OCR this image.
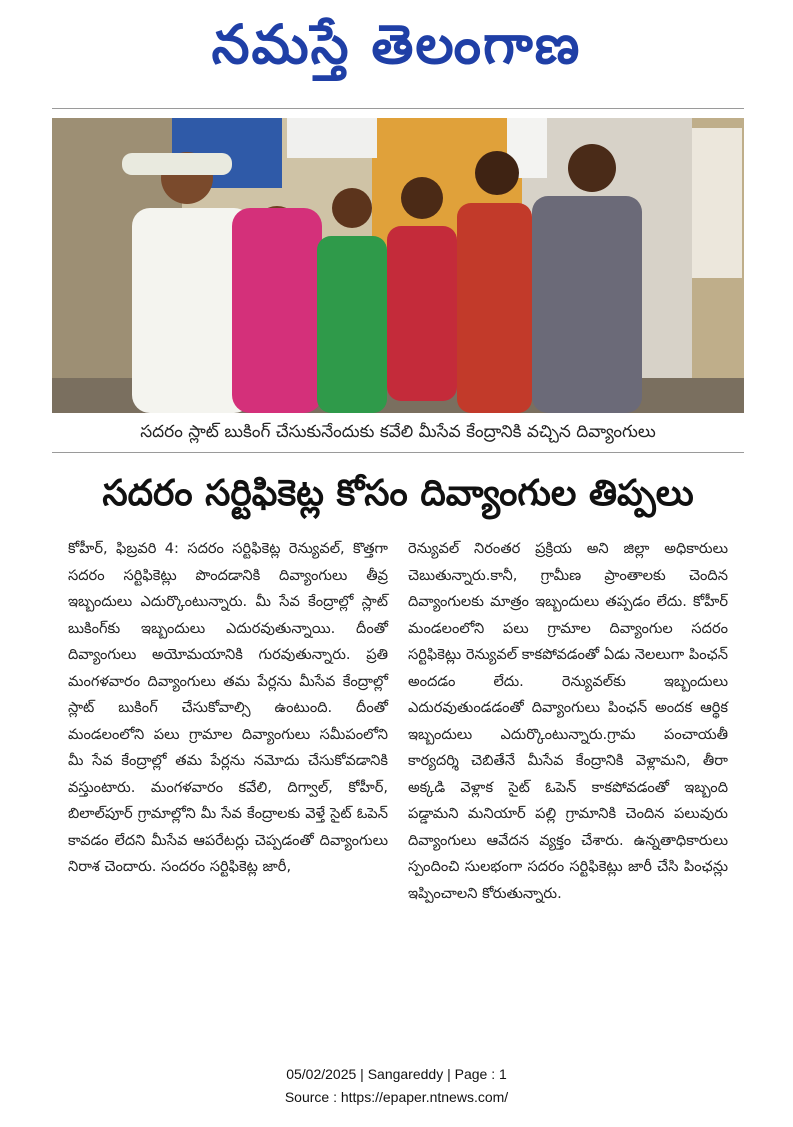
నమస్తే తెలంగాణ
సదరం స్లాట్ బుకింగ్ చేసుకునేందుకు కవేలి మీసేవ కేంద్రానికి వచ్చిన దివ్యాంగులు
సదరం సర్టిఫికెట్ల కోసం దివ్యాంగుల తిప్పలు
కోహీర్, ఫిబ్రవరి 4: సదరం సర్టిఫికెట్ల రెన్యువల్, కొత్తగా సదరం సర్టిఫికెట్లు పొందడానికి దివ్యాంగులు తీవ్ర ఇబ్బందులు ఎదుర్కొంటున్నారు. మీ సేవ కేంద్రాల్లో స్లాట్ బుకింగ్‌కు ఇబ్బందులు ఎదురవుతున్నాయి. దీంతో దివ్యాంగులు అయోమయానికి గురవుతున్నారు. ప్రతి మంగళవారం దివ్యాంగులు తమ పేర్లను మీసేవ కేంద్రాల్లో స్లాట్ బుకింగ్ చేసుకోవాల్సి ఉంటుంది. దీంతో మండలంలోని పలు గ్రామాల దివ్యాంగులు సమీపంలోని మీ సేవ కేంద్రాల్లో తమ పేర్లను నమోదు చేసుకోవడానికి వస్తుంటారు. మంగళవారం కవేలి, దిగ్వాల్, కోహీర్, బిలాల్‌పూర్ గ్రామాల్లోని మీ సేవ కేంద్రాలకు వెళ్తే సైట్ ఓపెన్ కావడం లేదని మీసేవ ఆపరేటర్లు చెప్పడంతో దివ్యాంగులు నిరాశ చెందారు. సందరం సర్టిఫికెట్ల జారీ,
రెన్యువల్ నిరంతర ప్రక్రియ అని జిల్లా అధికారులు చెబుతున్నారు.కానీ, గ్రామీణ ప్రాంతాలకు చెందిన దివ్యాంగులకు మాత్రం ఇబ్బందులు తప్పడం లేదు. కోహీర్ మండలంలోని పలు గ్రామాల దివ్యాంగుల సదరం సర్టిఫికెట్లు రెన్యువల్ కాకపోవడంతో ఏడు నెలలుగా పింఛన్ అందడం లేదు. రెన్యువల్‌కు ఇబ్బందులు ఎదురవుతుండడంతో దివ్యాంగులు పింఛన్ అందక ఆర్థిక ఇబ్బందులు ఎదుర్కొంటున్నారు.గ్రామ పంచాయతీ కార్యదర్శి చెబితేనే మీసేవ కేంద్రానికి వెళ్లామని, తీరా అక్కడి వెళ్లాక సైట్ ఓపెన్ కాకపోవడంతో ఇబ్బంది పడ్డామని మనియార్ పల్లి గ్రామానికి చెందిన పలువురు దివ్యాంగులు ఆవేదన వ్యక్తం చేశారు. ఉన్నతాధికారులు స్పందించి సులభంగా సదరం సర్టిఫికెట్లు జారీ చేసి పింఛన్లు ఇప్పించాలని కోరుతున్నారు.
05/02/2025 | Sangareddy | Page : 1
Source : https://epaper.ntnews.com/
